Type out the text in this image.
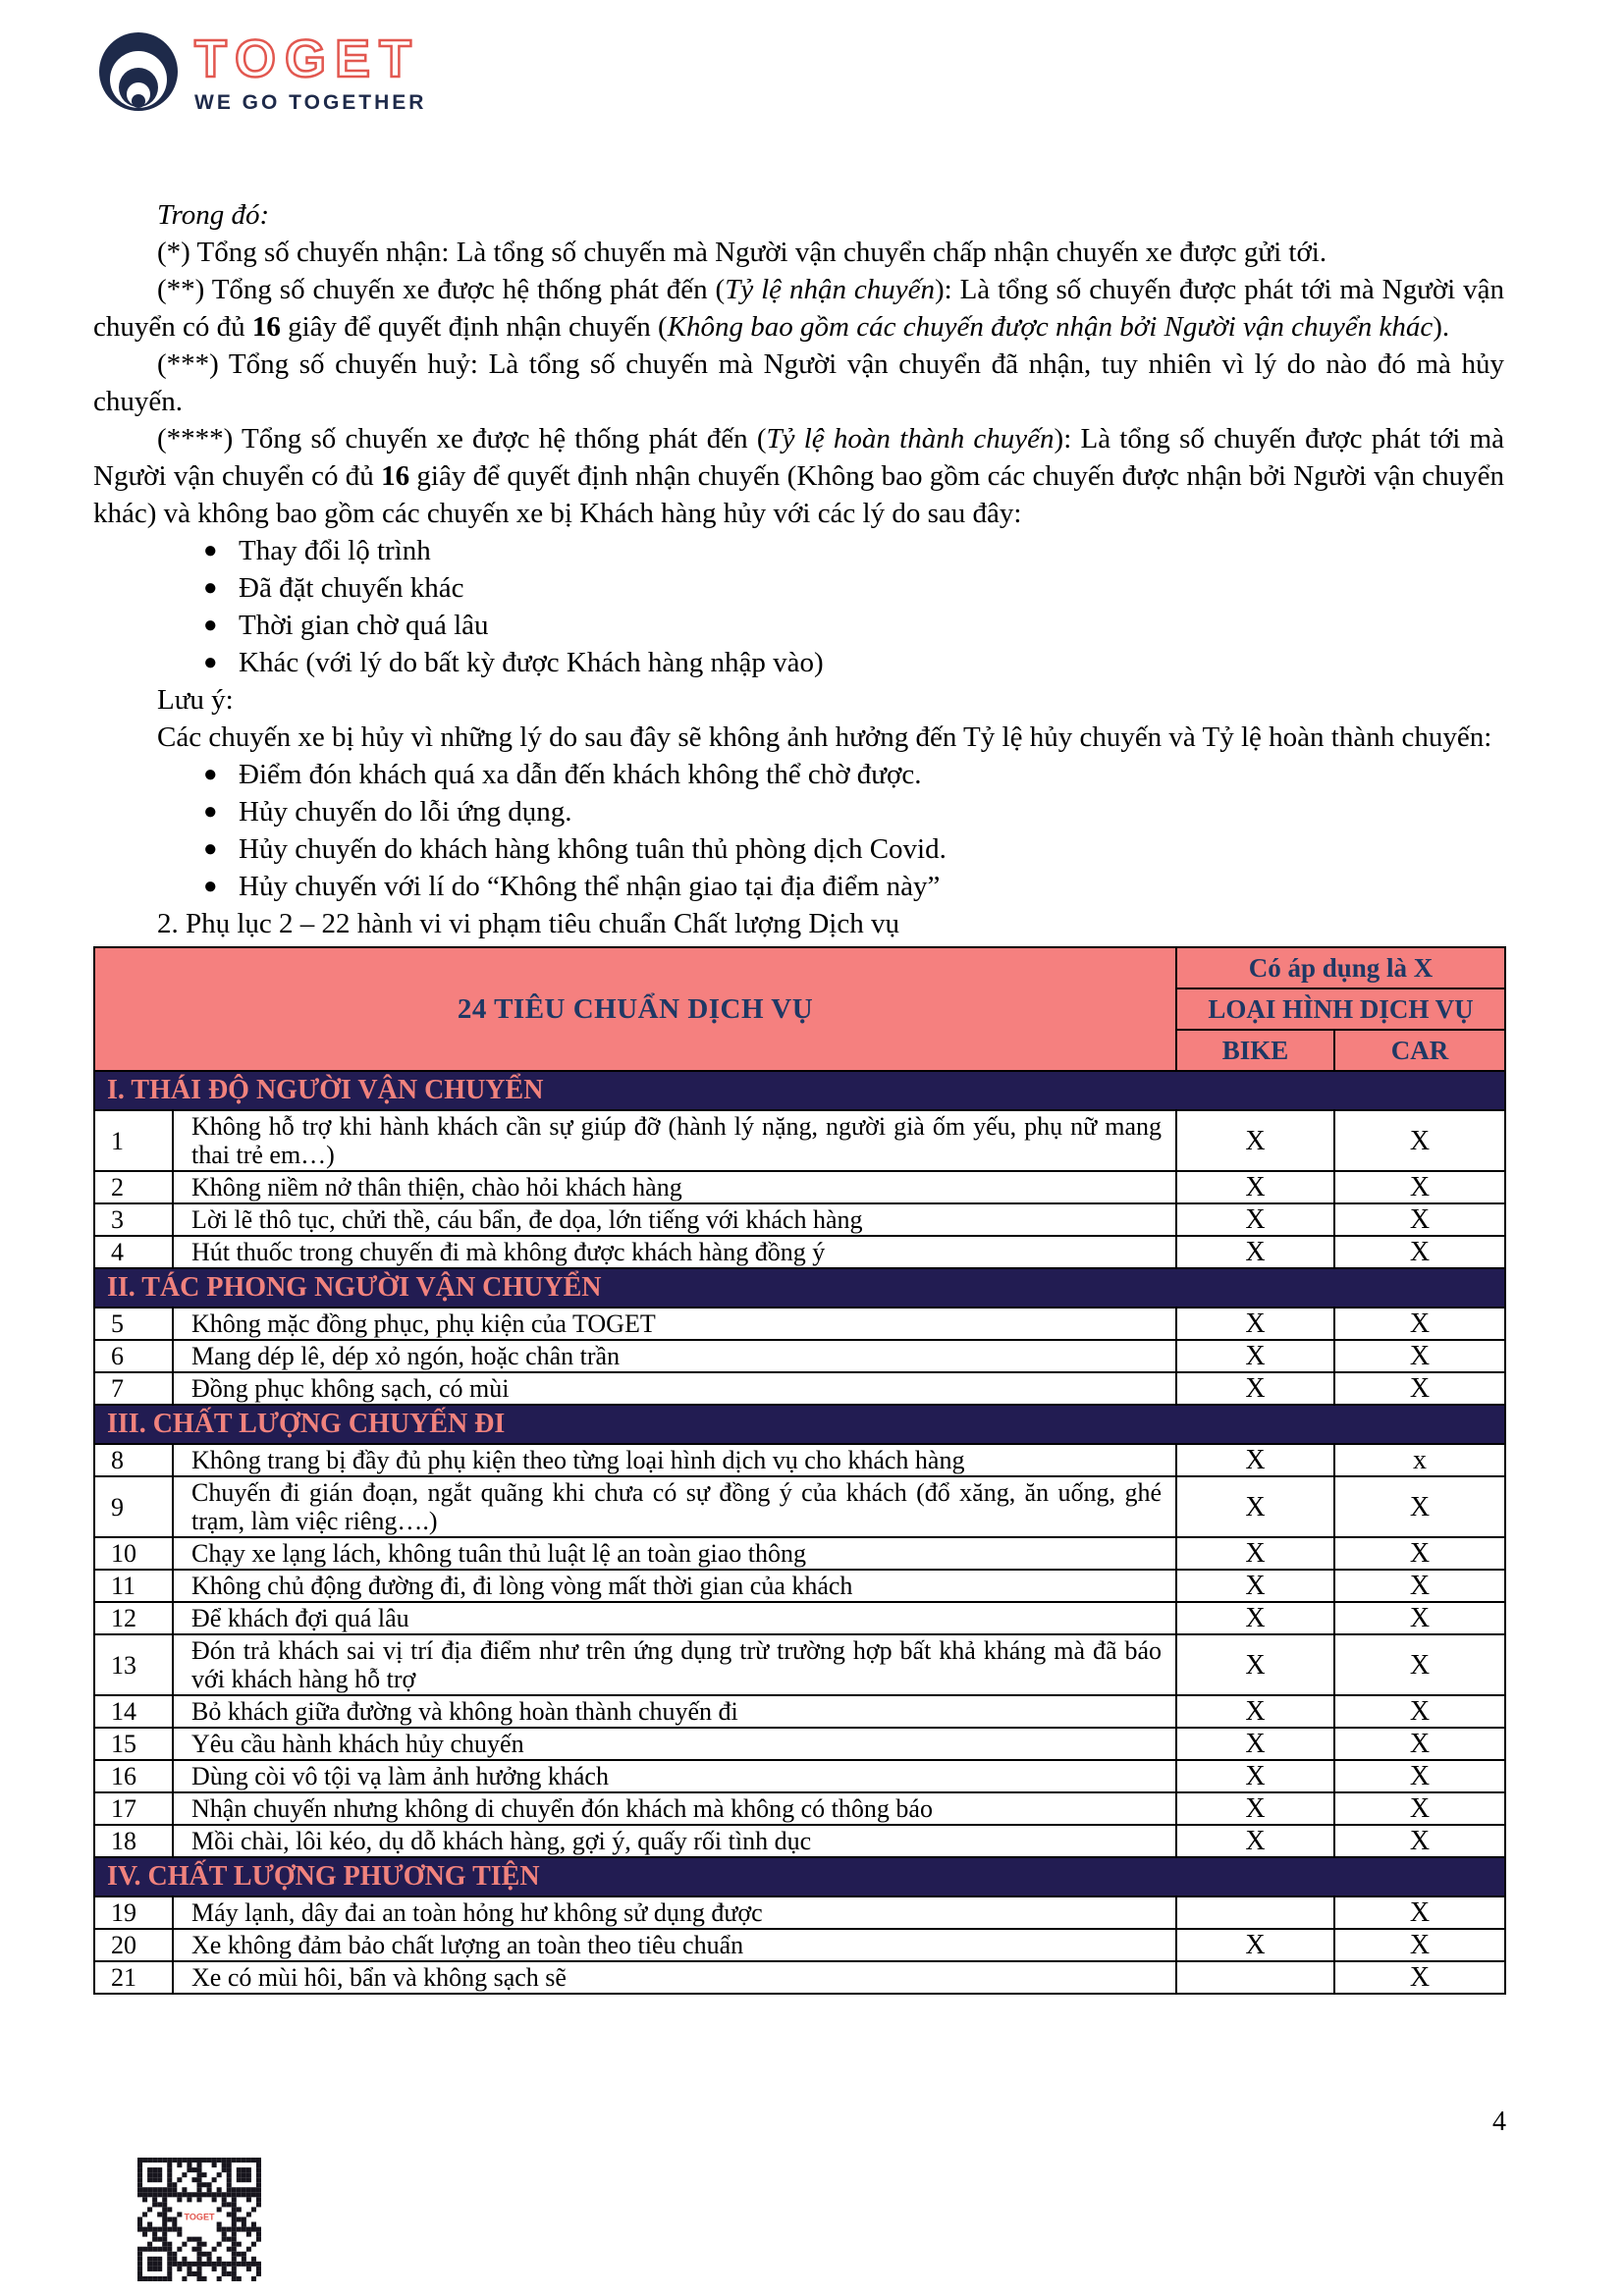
TOGET
WE GO TOGETHER

Trong đó:

(*) Tổng số chuyến nhận: Là tổng số chuyến mà Người vận chuyển chấp nhận chuyến xe được gửi tới.

(**) Tổng số chuyến xe được hệ thống phát đến (Tỷ lệ nhận chuyến): Là tổng số chuyến được phát tới mà Người vận chuyển có đủ 16 giây để quyết định nhận chuyến (Không bao gồm các chuyến được nhận bởi Người vận chuyển khác).

(***) Tổng số chuyến huỷ: Là tổng số chuyến mà Người vận chuyển đã nhận, tuy nhiên vì lý do nào đó mà hủy chuyến.

(****) Tổng số chuyến xe được hệ thống phát đến (Tỷ lệ hoàn thành chuyến): Là tổng số chuyến được phát tới mà Người vận chuyển có đủ 16 giây để quyết định nhận chuyến (Không bao gồm các chuyến được nhận bởi Người vận chuyển khác) và không bao gồm các chuyến xe bị Khách hàng hủy với các lý do sau đây:

● Thay đổi lộ trình
● Đã đặt chuyến khác
● Thời gian chờ quá lâu
● Khác (với lý do bất kỳ được Khách hàng nhập vào)

Lưu ý:

Các chuyến xe bị hủy vì những lý do sau đây sẽ không ảnh hưởng đến Tỷ lệ hủy chuyến và Tỷ lệ hoàn thành chuyến:

● Điểm đón khách quá xa dẫn đến khách không thể chờ được.
● Hủy chuyến do lỗi ứng dụng.
● Hủy chuyến do khách hàng không tuân thủ phòng dịch Covid.
● Hủy chuyến với lí do “Không thể nhận giao tại địa điểm này”

2. Phụ lục 2 – 22 hành vi vi phạm tiêu chuẩn Chất lượng Dịch vụ

24 TIÊU CHUẨN DỊCH VỤ		Có áp dụng là X	
		LOẠI HÌNH DỊCH VỤ	
		BIKE	CAR
I. THÁI ĐỘ NGƯỜI VẬN CHUYỂN			
1	Không hỗ trợ khi hành khách cần sự giúp đỡ (hành lý nặng, người già ốm yếu, phụ nữ mang thai trẻ em…)	X	X
2	Không niềm nở thân thiện, chào hỏi khách hàng	X	X
3	Lời lẽ thô tục, chửi thề, cáu bẩn, đe dọa, lớn tiếng với khách hàng	X	X
4	Hút thuốc trong chuyến đi mà không được khách hàng đồng ý	X	X
II. TÁC PHONG NGƯỜI VẬN CHUYỂN			
5	Không mặc đồng phục, phụ kiện của TOGET	X	X
6	Mang dép lê, dép xỏ ngón, hoặc chân trần	X	X
7	Đồng phục không sạch, có mùi	X	X
III. CHẤT LƯỢNG CHUYẾN ĐI			
8	Không trang bị đầy đủ phụ kiện theo từng loại hình dịch vụ cho khách hàng	X	x
9	Chuyến đi gián đoạn, ngắt quãng khi chưa có sự đồng ý của khách (đổ xăng, ăn uống, ghé trạm, làm việc riêng….)	X	X
10	Chạy xe lạng lách, không tuân thủ luật lệ an toàn giao thông	X	X
11	Không chủ động đường đi, đi lòng vòng mất thời gian của khách	X	X
12	Để khách đợi quá lâu	X	X
13	Đón trả khách sai vị trí địa điểm như trên ứng dụng trừ trường hợp bất khả kháng mà đã báo với khách hàng hỗ trợ	X	X
14	Bỏ khách giữa đường và không hoàn thành chuyến đi	X	X
15	Yêu cầu hành khách hủy chuyến	X	X
16	Dùng còi vô tội vạ làm ảnh hưởng khách	X	X
17	Nhận chuyến nhưng không di chuyển đón khách mà không có thông báo	X	X
18	Mồi chài, lôi kéo, dụ dỗ khách hàng, gợi ý, quấy rối tình dục	X	X
IV. CHẤT LƯỢNG PHƯƠNG TIỆN			
19	Máy lạnh, dây đai an toàn hỏng hư không sử dụng được		X
20	Xe không đảm bảo chất lượng an toàn theo tiêu chuẩn	X	X
21	Xe có mùi hôi, bẩn và không sạch sẽ		X
4
TOGET
